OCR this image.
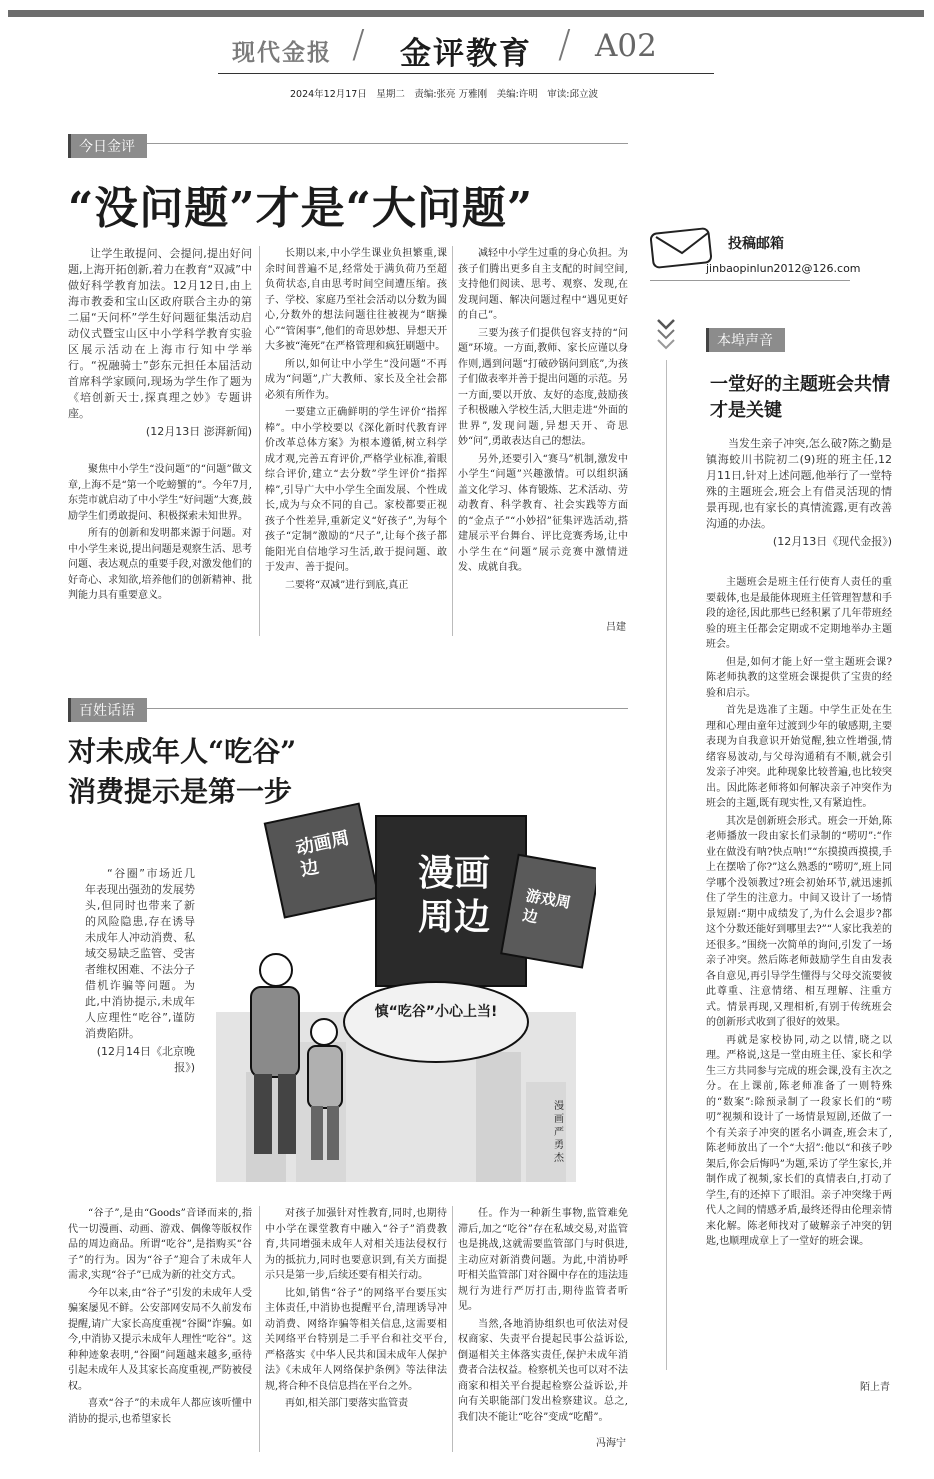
现代金报 / 金评教育 / A02
2024年12月17日　星期二　责编:张亮 万雅刚　美编:许明　审读:邱立波
今日金评
“没问题”才是“大问题”

让学生敢提问、会提问,提出好问题,上海开拓创新,着力在教育“双减”中做好科学教育加法。12月12日,由上海市教委和宝山区政府联合主办的第二届“天问杯”学生好问题征集活动启动仪式暨宝山区中小学科学教育实验区展示活动在上海市行知中学举行。“祝融骑士”彭东元担任本届活动首席科学家顾问,现场为学生作了题为《培创新天士,探真理之妙》专题讲座。

(12月13日 澎湃新闻)

聚焦中小学生“没问题”的“问题”做文章,上海不是“第一个吃螃蟹的”。今年7月,东莞市就启动了中小学生“好问题”大赛,鼓励学生们勇敢提问、积极探索未知世界。

所有的创新和发明都来源于问题。对中小学生来说,提出问题是观察生活、思考问题、表达观点的重要手段,对激发他们的好奇心、求知欲,培养他们的创新精神、批判能力具有重要意义。

长期以来,中小学生课业负担繁重,课余时间普遍不足,经常处于满负荷乃至超负荷状态,自由思考时间空间遭压缩。孩子、学校、家庭乃至社会活动以分数为圆心,分数外的想法问题往往被视为“瞎操心”“管闲事”,他们的奇思妙想、异想天开大多被“淹死”在严格管理和疯狂刷题中。

所以,如何让中小学生“没问题”不再成为“问题”,广大教师、家长及全社会都必须有所作为。

一要建立正确鲜明的学生评价“指挥棒”。中小学校要以《深化新时代教育评价改革总体方案》为根本遵循,树立科学成才观,完善五育评价,严格学业标准,着眼综合评价,建立“去分数”学生评价“指挥棒”,引导广大中小学生全面发展、个性成长,成为与众不同的自己。家校都要正视孩子个性差异,重新定义“好孩子”,为每个孩子“定制”激励的“尺子”,让每个孩子都能阳光自信地学习生活,敢于提问题、敢于发声、善于提问。

二要将“双减”进行到底,真正

减轻中小学生过重的身心负担。为孩子们腾出更多自主支配的时间空间,支持他们阅读、思考、观察、发现,在发现问题、解决问题过程中“遇见更好的自己”。

三要为孩子们提供包容支持的“问题”环境。一方面,教师、家长应谨以身作则,遇到问题“打破砂锅问到底”,为孩子们做表率并善于提出问题的示范。另一方面,要以开放、友好的态度,鼓励孩子积极融入学校生活,大胆走进“外面的世界”,发现问题,异想天开、奇思妙“问”,勇敢表达自己的想法。

另外,还要引入“赛马”机制,激发中小学生“问题”兴趣激情。可以组织涵盖文化学习、体育锻炼、艺术活动、劳动教育、科学教育、社会实践等方面的“金点子”“小妙招”征集评选活动,搭建展示平台舞台、评比竞赛秀场,让中小学生在“问题”展示竞赛中激情迸发、成就自我。

吕建
投稿邮箱
jinbaopinlun2012@126.com
本埠声音
一堂好的主题班会共情才是关键

当发生亲子冲突,怎么破?陈之勤是镇海蛟川书院初二(9)班的班主任,12月11日,针对上述问题,他举行了一堂特殊的主题班会,班会上有借灵活现的情景再现,也有家长的真情流露,更有改善沟通的办法。

(12月13日《现代金报》)

主题班会是班主任行使育人责任的重要载体,也是最能体现班主任管理智慧和手段的途径,因此那些已经积累了几年带班经验的班主任都会定期或不定期地举办主题班会。

但是,如何才能上好一堂主题班会课?陈老师执教的这堂班会课提供了宝贵的经验和启示。

首先是选准了主题。中学生正处在生理和心理由童年过渡到少年的敏感期,主要表现为自我意识开始觉醒,独立性增强,情绪容易波动,与父母沟通稍有不顺,就会引发亲子冲突。此种现象比较普遍,也比较突出。因此陈老师将如何解决亲子冲突作为班会的主题,既有现实性,又有紧迫性。

其次是创新班会形式。班会一开始,陈老师播放一段由家长们录制的“唠叨”:“作业在做没有呐?快点呐!”“东摸摸西摸摸,手上在摆啥了你?”这么熟悉的“唠叨”,班上同学哪个没领教过?班会初始环节,就迅速抓住了学生的注意力。中间又设计了一场情景短剧:“期中成绩发了,为什么会退步?都这个分数还能好到哪里去?”“人家比我差的还很多。”围绕一次简单的询问,引发了一场亲子冲突。然后陈老师鼓励学生自由发表各自意见,再引导学生懂得与父母交流要彼此尊重、注意情绪、相互理解、注重方式。情景再现,又理相析,有别于传统班会的创新形式收到了很好的效果。

再就是家校协同,动之以情,晓之以理。严格说,这是一堂由班主任、家长和学生三方共同参与完成的班会课,没有主次之分。在上课前,陈老师准备了一则特殊的“数案”:除预录制了一段家长们的“唠叨”视频和设计了一场情景短剧,还做了一个有关亲子冲突的匿名小调查,班会末了,陈老师放出了一个“大招”:他以“和孩子吵架后,你会后悔吗”为题,采访了学生家长,并制作成了视频,家长们的真情表白,打动了学生,有的还掉下了眼泪。亲子冲突缘于两代人之间的情感矛盾,最终还得由伦理亲情来化解。陈老师找对了破解亲子冲突的钥匙,也顺理成章上了一堂好的班会课。

陌上青
百姓话语
对未成年人“吃谷”
消费提示是第一步

“谷圈”市场近几年表现出强劲的发展势头,但同时也带来了新的风险隐患,存在诱导未成年人冲动消费、私域交易缺乏监管、受害者维权困难、不法分子借机诈骗等问题。为此,中消协提示,未成年人应理性“吃谷”,谨防消费陷阱。

(12月14日《北京晚报》)
动画周边	漫画周边	游戏周边
慎“吃谷”小心上当!
漫画 严勇杰

“谷子”,是由“Goods”音译而来的,指代一切漫画、动画、游戏、偶像等版权作品的周边商品。所谓“吃谷”,是指购买“谷子”的行为。因为“谷子”迎合了未成年人需求,实现“谷子”已成为新的社交方式。

今年以来,由“谷子”引发的未成年人受骗案屡见不鲜。公安部网安局不久前发布提醒,请广大家长高度重视“谷圈”诈骗。如今,中消协又提示未成年人理性“吃谷”。这种种迹象表明,“谷圈”问题越来越多,亟待引起未成年人及其家长高度重视,严防被侵权。

喜欢“谷子”的未成年人都应该听懂中消协的提示,也希望家长

对孩子加强针对性教育,同时,也期待中小学在课堂教育中融入“谷子”消费教育,共同增强未成年人对相关违法侵权行为的抵抗力,同时也要意识到,有关方面提示只是第一步,后续还要有相关行动。

比如,销售“谷子”的网络平台要压实主体责任,中消协也提醒平台,清理诱导冲动消费、网络诈骗等相关信息,这需要相关网络平台特别是二手平台和社交平台,严格落实《中华人民共和国未成年人保护法》《未成年人网络保护条例》等法律法规,将合种不良信息挡在平台之外。

再如,相关部门要落实监管责

任。作为一种新生事物,监管难免滞后,加之“吃谷”存在私域交易,对监管也是挑战,这就需要监管部门与时俱进,主动应对新消费问题。为此,中消协呼吁相关监管部门对谷圈中存在的违法违规行为进行严厉打击,期待监管者听见。

当然,各地消协组织也可依法对侵权商家、失责平台提起民事公益诉讼,倒逼相关主体落实责任,保护未成年消费者合法权益。检察机关也可以对不法商家和相关平台提起检察公益诉讼,并向有关职能部门发出检察建议。总之,我们决不能让“吃谷”变成“吃醋”。

冯海宁
